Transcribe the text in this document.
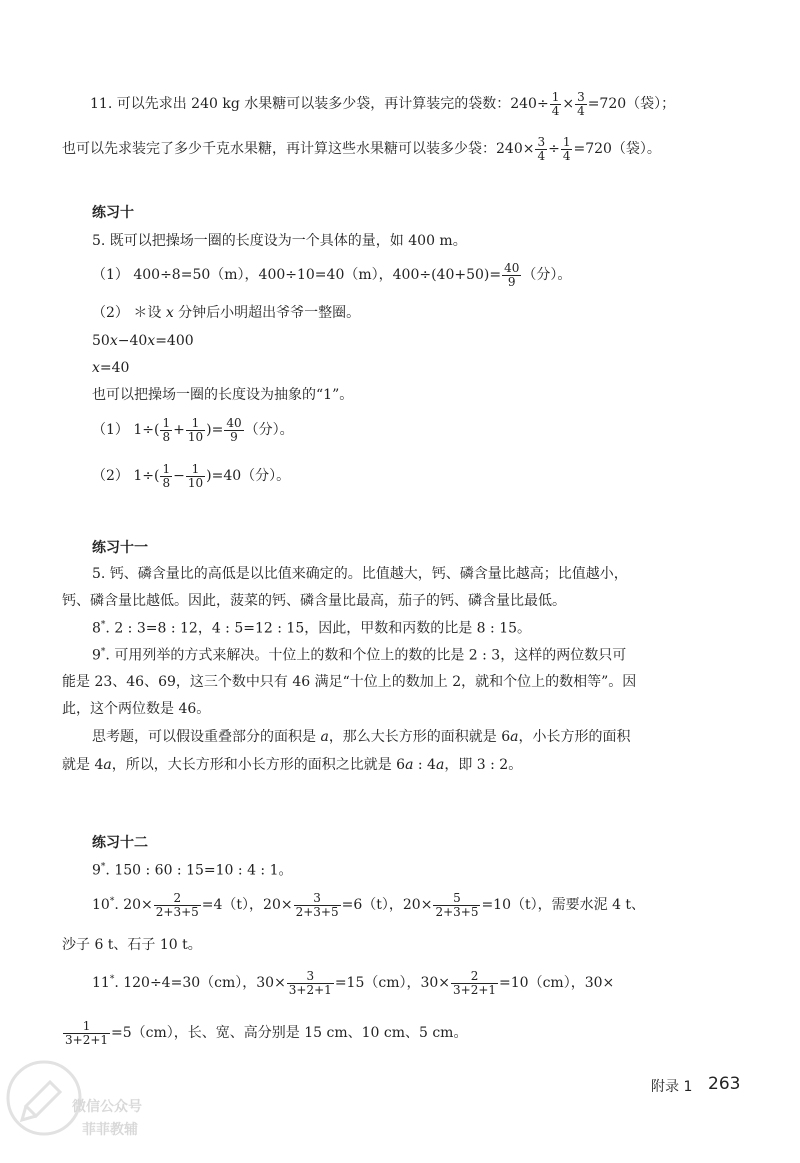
11. 可以先求出 240 kg 水果糖可以装多少袋，再计算装完的袋数：$240\div \frac{1}{4} \times \frac{3}{4} =720$（袋）；
也可以先求装完了多少千克水果糖，再计算这些水果糖可以装多少袋：$240\times \frac{3}{4} \div \frac{1}{4} =720$（袋）。
练习十
5. 既可以把操场一圈的长度设为一个具体的量，如 400 m。
（1） 400÷8=50（m），400÷10=40（m），$400\div(40+50)= \frac{40}{9}$ （分）。
（2） ＊设 x 分钟后小明超出爷爷一整圈。
50x−40x=400
x=40
也可以把操场一圈的长度设为抽象的“1”。
（1） $1\div( \frac{1}{8} + \frac{1}{10}$ )= $\frac{40}{9}$ （分）。
（2） $1\div( \frac{1}{8} - \frac{1}{10} )=40$（分）。
练习十一
5. 钙、磷含量比的高低是以比值来确定的。比值越大，钙、磷含量比越高；比值越小，
钙、磷含量比越低。因此，菠菜的钙、磷含量比最高，茄子的钙、磷含量比最低。
8*. 2 : 3=8 : 12，4 : 5=12 : 15，因此，甲数和丙数的比是 8 : 15。
9*. 可用列举的方式来解决。十位上的数和个位上的数的比是 2 : 3，这样的两位数只可
能是 23、46、69，这三个数中只有 46 满足“十位上的数加上 2，就和个位上的数相等”。因
此，这个两位数是 46。
思考题，可以假设重叠部分的面积是 a，那么大长方形的面积就是 6a，小长方形的面积
就是 4a，所以，大长方形和小长方形的面积之比就是 6a : 4a，即 3 : 2。
练习十二
9*. 150 : 60 : 15=10 : 4 : 1。
10*. $20\times \frac{2}{2+3+5} =4(t)$，$20\times \frac{3}{2+3+5} =6(t)$，$20\times \frac{5}{2+3+5} =10(t)$，需要水泥 4 t、
沙子 6 t、石子 10 t。
11*. 120÷4=30（cm），$30\times \frac{3}{3+2+1} =15(cm)$，$30\times \frac{2}{3+2+1} =10(cm)$，30×
$\frac{1}{3+2+1} =5(cm)$，长、宽、高分别是 15 cm、10 cm、5 cm。
微信公众号
菲菲教辅
附录 1 263
